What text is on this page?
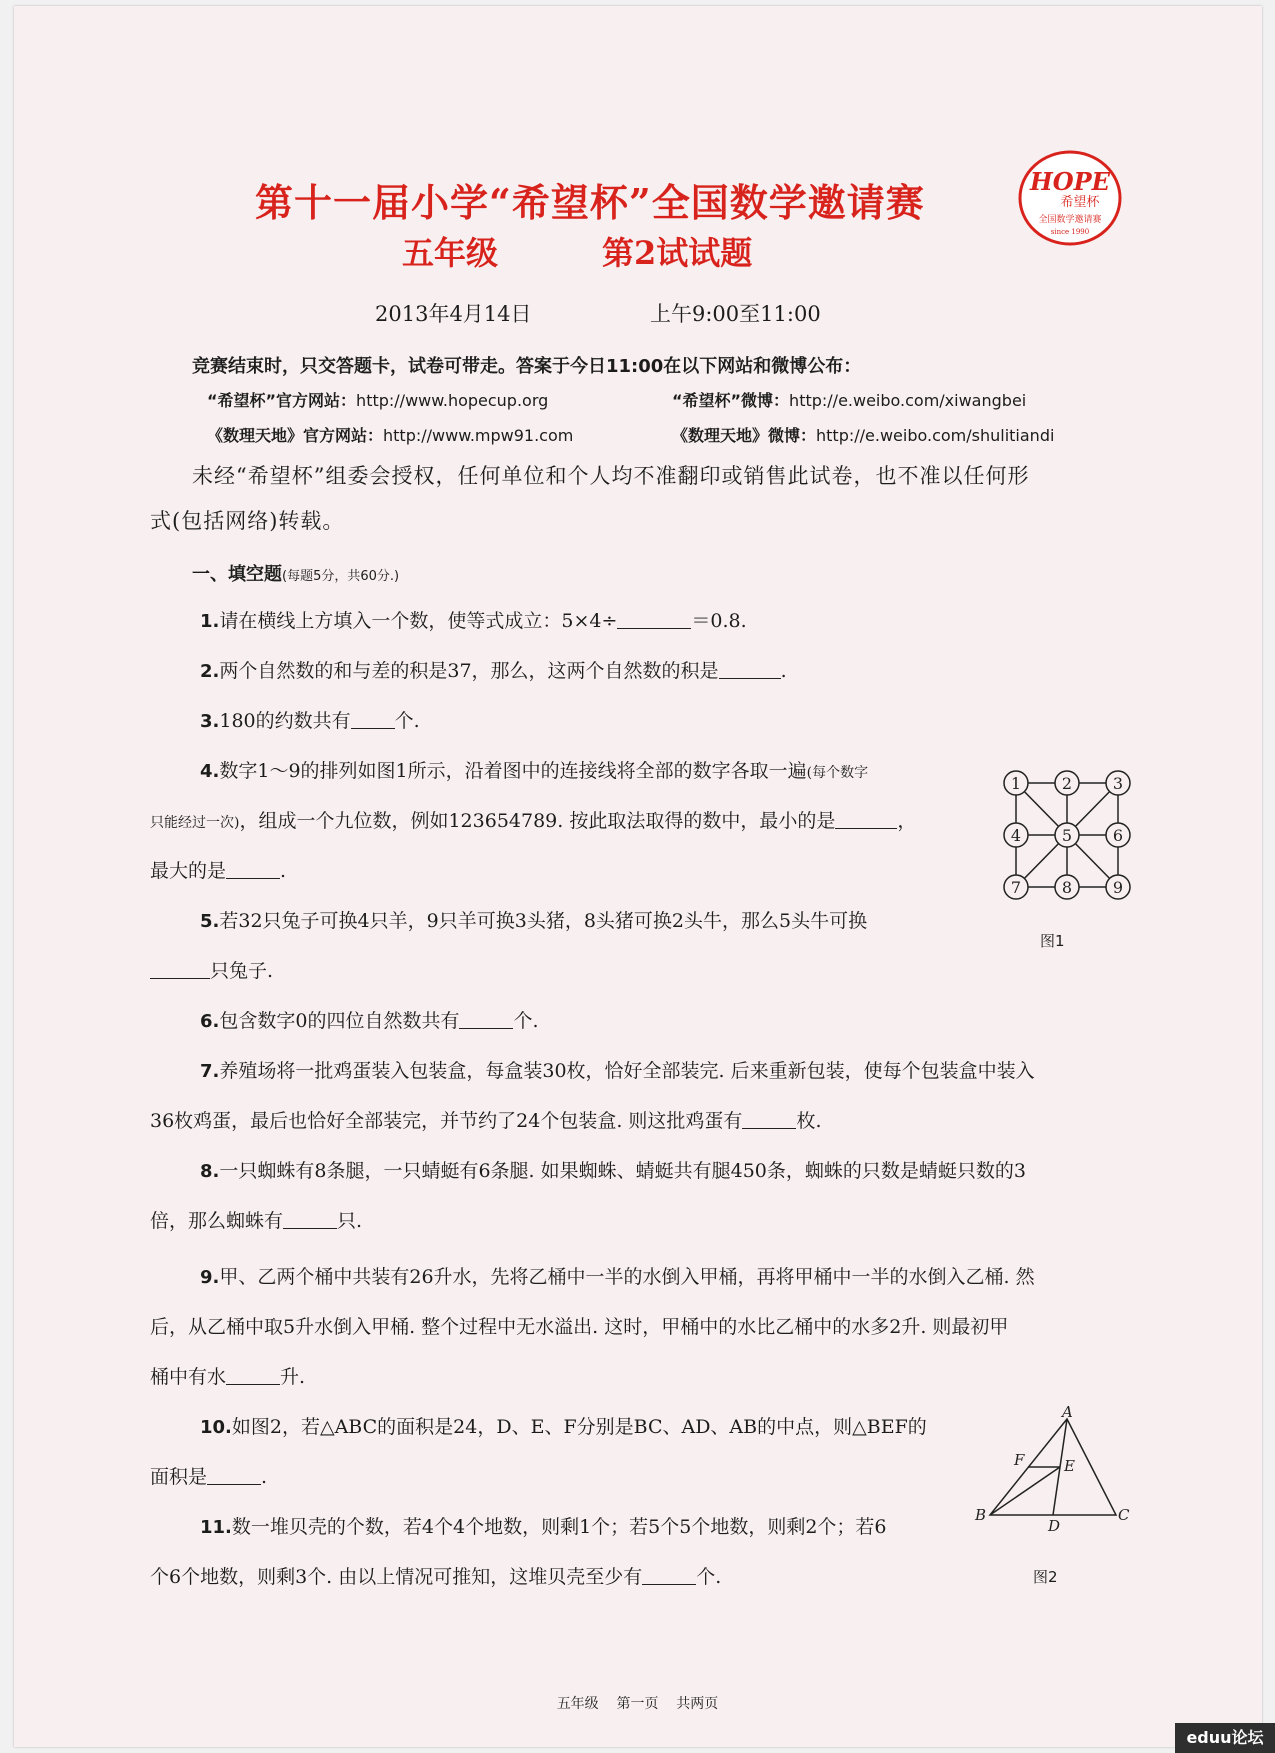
第十一届小学“希望杯”全国数学邀请赛
五年级	第2试试题
HOPE
希望杯
全国数学邀请赛
since 1990
2013年4月14日	上午9:00至11:00
竞赛结束时，只交答题卡，试卷可带走。答案于今日11:00在以下网站和微博公布：
“希望杯”官方网站：http://www.hopecup.org	“希望杯”微博：http://e.weibo.com/xiwangbei
《数理天地》官方网站：http://www.mpw91.com	《数理天地》微博：http://e.weibo.com/shulitiandi
未经“希望杯”组委会授权，任何单位和个人均不准翻印或销售此试卷，也不准以任何形
式(包括网络)转载。
一、填空题(每题5分，共60分.)
1.请在横线上方填入一个数，使等式成立：5×4÷	＝0.8.
2.两个自然数的和与差的积是37，那么，这两个自然数的积是	.
3.180的约数共有 个.
4.数字1～9的排列如图1所示，沿着图中的连接线将全部的数字各取一遍(每个数字
只能经过一次)，组成一个九位数，例如123654789. 按此取法取得的数中，最小的是	，
最大的是	.
1	2	3
4	5	6
7	8	9
图1
5.若32只兔子可换4只羊，9只羊可换3头猪，8头猪可换2头牛，那么5头牛可换
只兔子.
6.包含数字0的四位自然数共有	个.
7.养殖场将一批鸡蛋装入包装盒，每盒装30枚，恰好全部装完. 后来重新包装，使每个包装盒中装入
36枚鸡蛋，最后也恰好全部装完，并节约了24个包装盒. 则这批鸡蛋有	枚.
8.一只蜘蛛有8条腿，一只蜻蜓有6条腿. 如果蜘蛛、蜻蜓共有腿450条，蜘蛛的只数是蜻蜓只数的3
倍，那么蜘蛛有	只.
9.甲、乙两个桶中共装有26升水，先将乙桶中一半的水倒入甲桶，再将甲桶中一半的水倒入乙桶. 然
后，从乙桶中取5升水倒入甲桶. 整个过程中无水溢出. 这时，甲桶中的水比乙桶中的水多2升. 则最初甲
桶中有水	升.
10.如图2，若△ABC的面积是24，D、E、F分别是BC、AD、AB的中点，则△BEF的
面积是	.
A
B	C
D
E
F
图2
11.数一堆贝壳的个数，若4个4个地数，则剩1个；若5个5个地数，则剩2个；若6
个6个地数，则剩3个. 由以上情况可推知，这堆贝壳至少有	个.
五年级    第一页    共两页
eduu论坛
